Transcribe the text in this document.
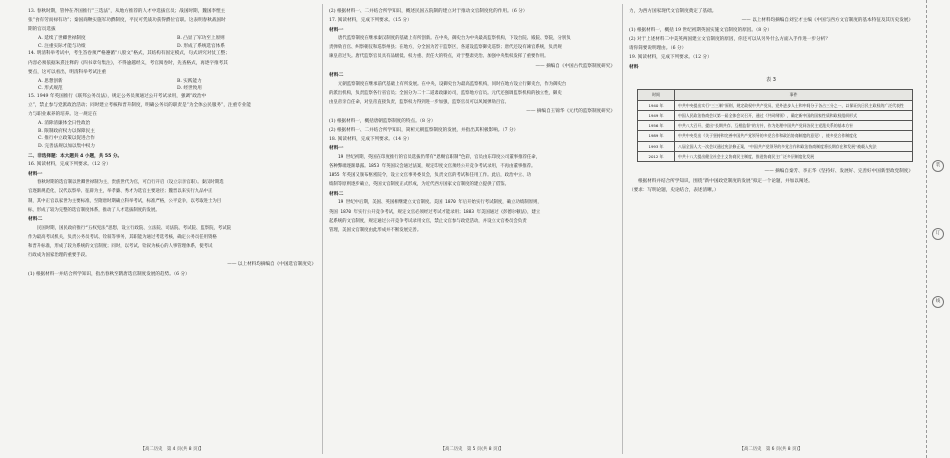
13. 春秋时期，管仲在齐国推行“三选法”，从地方推荐的人才中选拔官员；战国时期，魏国李悝主

张“食有劳而禄有功”；秦国商鞅实施军功爵制度，平民可凭战功获得爵位官职。这表明春秋战国时

期的官员选拔

A. 延续了世卿世禄制度	B. 凸显了军功至上原则
C. 注重实际才能与功绩	D. 形成了系统选官体系

14. 明清科举考试中，考生答卷须严格遵循“八股文”格式，其结构有固定模式，句式讲究对仗工整；

内容必须依据朱熹注释的《四书章句集注》，不得逾越经义，考官阅卷时，先查格式，再逐字推考其

要点，这可以看出，明清科举考试注重

A. 思想创新	B. 实践能力
C. 形式规范	D. 经世致用

15. 1949 年英国推行《联邦公务员法》，规定公务员须通过公开考试录用，强调“政治中

立”，禁止参与党派政治活动；同时建立考核和晋升制度，明确公务员的职责是“为全体公民服务”，注重专业能

力与职业素养的培养。这一规定在

A. 消除清廉体全日性政治

B. 限制政府权力以保障民主

C. 推行中立政策以促进合作

D. 完善法规以加以集中权力

二、非选择题：本大题共 4 小题，共 55 分。

16. 阅读材料，完成下列要求。（12 分）

材料一

春秋时期的选官制以世卿世禄制为主，贵族世代为官，可自行开启（设立宗亲官职）。秦汉时期选

官逐渐规范化，汉代以察举、征辟为主，举孝廉、秀才为选官主要途径；魏晋以来实行九品中正

制，其中正官以家世为主要标准，至隋唐时期确立科举考试，标准严格，公平竞争，以考取进士为目

标，形成了较为完整的选官制度体系，推动了人才选拔制度的发展。

材料二

民国时期，国民政府推行“五权宪法”思想，设立行政院、立法院、司法院、考试院、监察院，考试院

作为最高考试机关，负责公务员考试、铨叙等事务，其职能为通过考选考核，确定公务员任用资格

和晋升标准，形成了较为系统的文官制度；同时，以考试、铨叙为核心的人事管理体系，使考试

行政成为国家治理的重要手段。

—— 以上材料均摘编自《中国选官制度史》

(1) 根据材料一并结合所学知识，指出春秋至隋唐选官制度发展的趋势。（6 分）

【高二历史　第 4 页(共 8 页)】

(2) 根据材料一、二并结合所学知识，概述民国五院制的建立对于推动文官制度化的作用。（6 分）

17. 阅读材料，完成下列要求。（15 分）

材料一

唐代监察制度在继承秦汉制度的基础上有所创新。在中央，御史台为中央最高监察机构，下设台院、殿院、察院，分别负

责弹劾百官、纠察朝仪和巡察州县；在地方，分全国为若干监察区，各道设监察御史巡察；唐代还设有谏官系统，负责规

谏皇帝过失。唐代监察官员具有品级低、权力重、责任大的特点，对于整肃吏治、加强中央集权发挥了重要作用。

—— 摘编自《中国古代监察制度研究》

材料二

元朝监察制度在继承前代基础上有所发展。在中央，设御史台为最高监察机构，同时在地方设立行御史台，作为御史台

的派出机构，负责监察各行省官员；全国分为二十二道肃政廉访司，监察地方官员。元代还强调监察机构的独立性，御史

由皇帝亲自任命，对皇帝直接负责，监察权力得到进一步加强，监察官员可以风闻弹劾百官。

—— 摘编自王锦华《元代的监察制度研究》

(1) 根据材料一，概括唐朝监察制度的特点。（8 分）

(2) 根据材料一、二并结合所学知识，简析元朝监察制度的发展，并指出其积极影响。（7 分）

18. 阅读材料，完成下列要求。（14 分）

材料一

19 世纪初期，英国在印度推行的官员选拔仍带有“恩赐官职制”色彩，官员由东印度公司董事推荐任命，

各种弊端逐渐暴露。1853 年英国议会通过法案，规定印度文官须经公开竞争考试录用，不再由董事推荐。

1855 年英国又颁布枢密院令，设立文官事务委员会，负责文官的考试和任用工作。此后，政治中立、功

绩制等原则逐步确立，英国文官制度正式形成，为近代西方国家文官制度的建立提供了借鉴。

材料二

19 世纪中后期，美国、英国相继建立文官制度。美国 1870 年后开始实行考试制度，确立功绩制原则，

英国 1870 年实行公开竞争考试，规定文官必须经过考试才能录用；1883 年美国通过《彭德尔顿法》，建立

起系统的文官制度，规定通过公开竞争考试录用文官，禁止文官参与政党活动，并设立文官委员会负责

管理，美国文官制度由此形成并不断发展完善。

【高二历史　第 5 页(共 8 页)】

力，为西方国家现代文官制度奠定了基础。

—— 以上材料均摘编自刘宝才主编《中国与西方文官制度的基本特征及其历史发展》

(1) 根据材料一，概括 19 世纪初期英国实施文官制度的原因。（8 分）

(2) 对于上述材料二中美英两国建立文官制度的原因，你还可以从另外什么方面入手作进一步分析？

请你简要说明理由。（6 分）

19. 阅读材料，完成下列要求。（12 分）

材料

表 3
时间	事件
1940 年	中共中央提出实行“三三制”原则，规定政权中共产党员、党外进步人士和中间分子各占三分之一，以保证抗日民主政权的广泛代表性
1949 年	中国人民政治协商会议第一届全体会议召开，通过《共同纲领》，确定新中国的国家性质和政权组织形式
1956 年	中共八大召开，提出“长期共存、互相监督”的方针，作为处理中国共产党同各民主党派关系的基本方针
1989 年	中共中央发出《关于坚持和完善中国共产党领导的多党合作和政治协商制度的意见》，使多党合作制度化
1993 年	八届全国人大一次会议通过宪法修正案，“中国共产党领导的多党合作和政治协商制度将长期存在和发展”被载入宪法
2012 年	中共十八大提出健全社会主义协商民主制度，推进协商民主广泛多层制度化发展

—— 摘编自秦芳、李正华《坚持好、发展好、完善好中国新型政党制度》

根据材料并结合所学知识，围绕“新中国政党制度的发展”拟定一个论题，并加以阐述。

（要求：写明论题，史论结合，表述清晰。）

【高二历史　第 6 页(共 8 页)】
装
订
线
